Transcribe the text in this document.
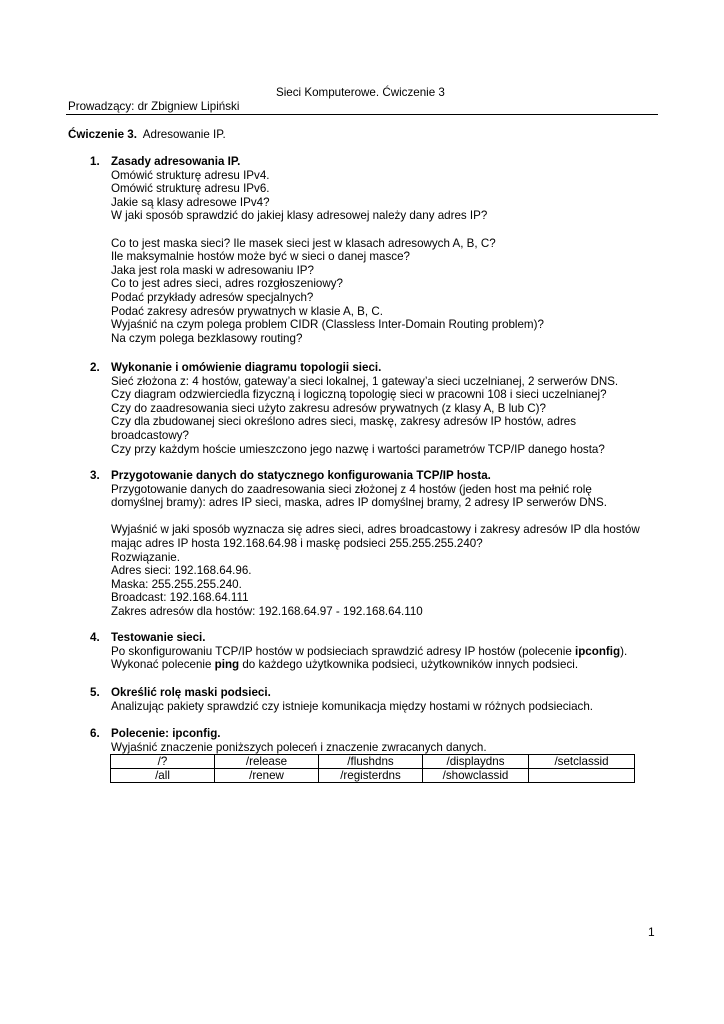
Sieci Komputerowe. Ćwiczenie 3
Prowadzący: dr Zbigniew Lipiński
Ćwiczenie 3. Adresowanie IP.
1. Zasady adresowania IP.
Omówić strukturę adresu IPv4.
Omówić strukturę adresu IPv6.
Jakie są klasy adresowe IPv4?
W jaki sposób sprawdzić do jakiej klasy adresowej należy dany adres IP?
Co to jest maska sieci? Ile masek sieci jest w klasach adresowych A, B, C?
Ile maksymalnie hostów może być w sieci o danej masce?
Jaka jest rola maski w adresowaniu IP?
Co to jest adres sieci, adres rozgłoszeniowy?
Podać przykłady adresów specjalnych?
Podać zakresy adresów prywatnych w klasie A, B, C.
Wyjaśnić na czym polega problem CIDR (Classless Inter-Domain Routing problem)?
Na czym polega bezklasowy routing?
2. Wykonanie i omówienie diagramu topologii sieci.
Sieć złożona z: 4 hostów, gateway’a sieci lokalnej, 1 gateway’a sieci uczelnianej, 2 serwerów DNS.
Czy diagram odzwierciedla fizyczną i logiczną topologię sieci w pracowni 108 i sieci uczelnianej?
Czy do zaadresowania sieci użyto zakresu adresów prywatnych (z klasy A, B lub C)?
Czy dla zbudowanej sieci określono adres sieci, maskę, zakresy adresów IP hostów, adres
broadcastowy?
Czy przy każdym hoście umieszczono jego nazwę i wartości parametrów TCP/IP danego hosta?
3. Przygotowanie danych do statycznego konfigurowania TCP/IP hosta.
Przygotowanie danych do zaadresowania sieci złożonej z 4 hostów (jeden host ma pełnić rolę
domyślnej bramy): adres IP sieci, maska, adres IP domyślnej bramy, 2 adresy IP serwerów DNS.
Wyjaśnić w jaki sposób wyznacza się adres sieci, adres broadcastowy i zakresy adresów IP dla hostów
mając adres IP hosta 192.168.64.98 i maskę podsieci 255.255.255.240?
Rozwiązanie.
Adres sieci: 192.168.64.96.
Maska: 255.255.255.240.
Broadcast: 192.168.64.111
Zakres adresów dla hostów: 192.168.64.97 - 192.168.64.110
4. Testowanie sieci.
Po skonfigurowaniu TCP/IP hostów w podsieciach sprawdzić adresy IP hostów (polecenie ipconfig).
Wykonać polecenie ping do każdego użytkownika podsieci, użytkowników innych podsieci.
5. Określić rolę maski podsieci.
Analizując pakiety sprawdzić czy istnieje komunikacja między hostami w różnych podsieciach.
6. Polecenie: ipconfig.
Wyjaśnić znaczenie poniższych poleceń i znaczenie zwracanych danych.
/?	/release	/flushdns	/displaydns	/setclassid
/all	/renew	/registerdns	/showclassid	
1
